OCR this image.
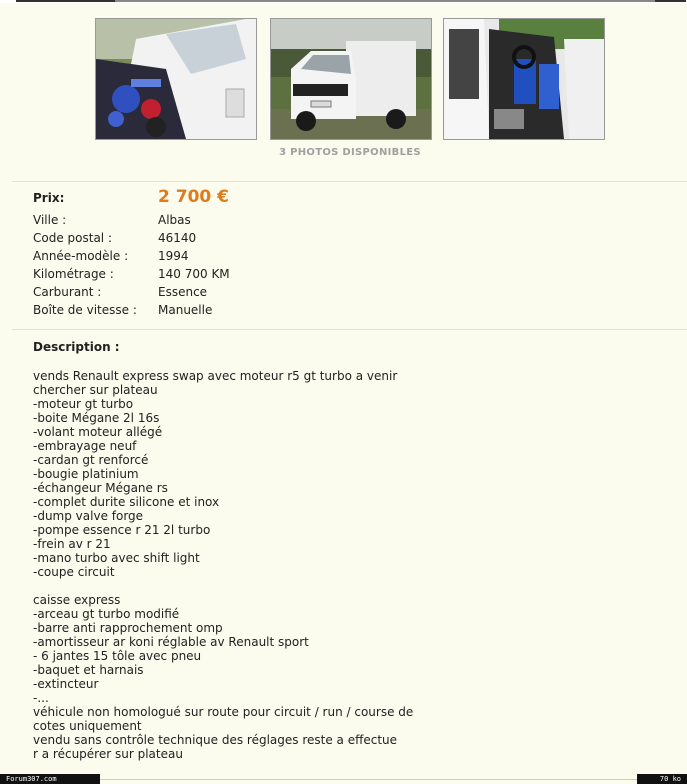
3 PHOTOS DISPONIBLES
Prix:	2 700 €
Ville :	Albas
Code postal :	46140
Année-modèle : 1994
Kilométrage :	140 700 KM
Carburant :	Essence
Boîte de vitesse : Manuelle
Description :
vends Renault express swap avec moteur r5 gt turbo a venir
chercher sur plateau
-moteur gt turbo
-boite Mégane 2l 16s
-volant moteur allégé
-embrayage neuf
-cardan gt renforcé
-bougie platinium
-échangeur Mégane rs
-complet durite silicone et inox
-dump valve forge
-pompe essence r 21 2l turbo
-frein av r 21
-mano turbo avec shift light
-coupe circuit
caisse express
-arceau gt turbo modifié
-barre anti rapprochement omp
-amortisseur ar koni réglable av Renault sport
- 6 jantes 15 tôle avec pneu
-baquet et harnais
-extincteur
-...
véhicule non homologué sur route pour circuit / run / course de
cotes uniquement
vendu sans contrôle technique des réglages reste a effectue
r a récupérer sur plateau
Forum307.com	70 ko
